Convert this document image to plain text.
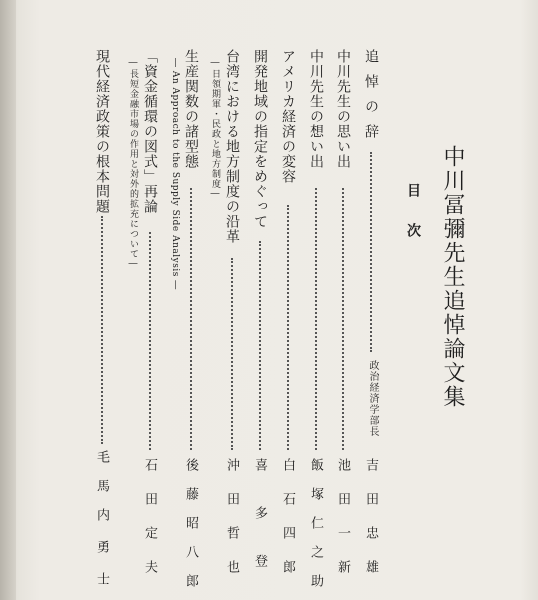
中川冨彌先生追悼論文集
目次
追悼の辞
政治経済学部長
吉
田
忠
雄
中川先生の思い出
池
田
一
新
中川先生の想い出
飯
塚
仁
之
助
アメリカ経済の変容
白
石
四
郎
開発地域の指定をめぐって
喜
多
登
台湾における地方制度の沿革
―日領期軍・民政と地方制度―
沖
田
哲
也
生産関数の諸型態
― An Approach to the Supply Side Analysis ―
後
藤
昭
八
郎
「資金循環の図式」再論
―長短金融市場の作用と対外的拡充について―
石
田
定
夫
現代経済政策の根本問題
毛
馬
内
勇
士
